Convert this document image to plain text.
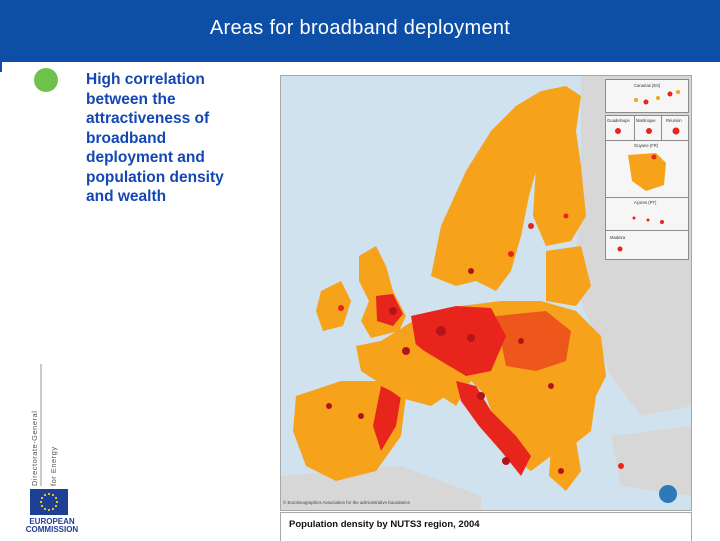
Areas for broadband deployment
High correlation
between the
attractiveness of
broadband
deployment and
population density
and wealth
Directorate-General for Energy
EUROPEAN COMMISSION
Canarias (ES)
Guadeloupe Martinique Réunion
Guyane (FR)
Açores (PT)
Madeira
© EuroGeographics Association for the administrative boundaries
Population density by NUTS3 region, 2004
